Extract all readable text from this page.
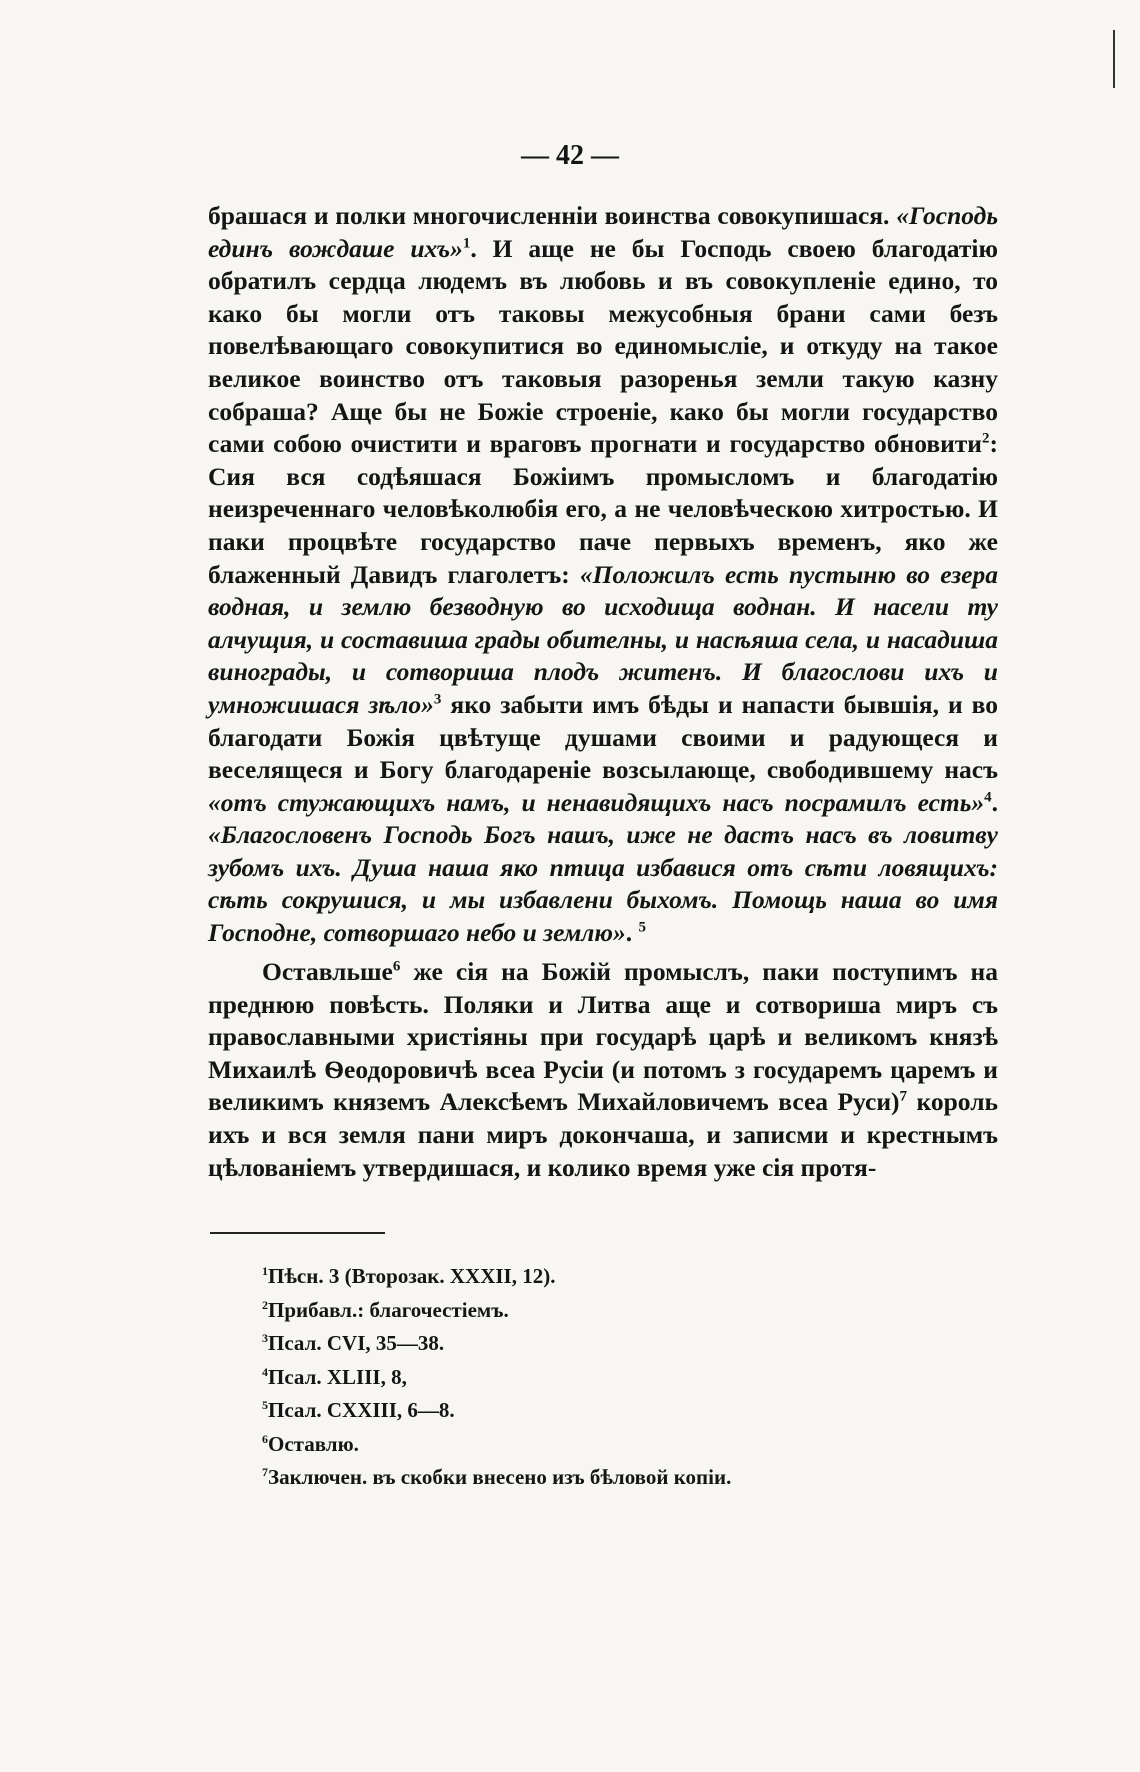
— 42 —

брашася и полки многочисленніи воинства совокупишася. «Господь единъ вождаше ихъ»$^1$. И аще не бы Господь своею благодатію обратилъ сердца людемъ въ любовь и въ совокупленіе едино, то како бы могли отъ таковы межусобныя брани сами безъ повелѣвающаго совокупитися во единомысліе, и откуду на такое великое воинство отъ таковыя разоренья земли такую казну собраша? Аще бы не Божіе строеніе, како бы могли государство сами собою очистити и враговъ прогнати и государство обновити$^2$: Сия вся содѣяшася Божіимъ промысломъ и благодатію неизреченнаго человѣколюбія его, а не человѣческою хитростью. И паки процвѣте государство паче первыхъ временъ, яко же блаженный Давидъ глаголетъ: «Положилъ есть пустыню во езера водная, и землю безводную во исходища воднан. И насели ту алчущия, и составиша грады обителны, и насѣяша села, и насадиша винограды, и сотвориша плодъ житенъ. И благослови ихъ и умножишася зѣло»$^3$ яко забыти имъ бѣды и напасти бывшія, и во благодати Божія цвѣтуще душами своими и радующеся и веселящеся и Богу благодареніе возсылающе, свободившему насъ «отъ стужающихъ намъ, и ненавидящихъ насъ посрамилъ есть»$^4$. «Благословенъ Господь Богъ нашъ, иже не дастъ насъ въ ловитву зубомъ ихъ. Душа наша яко птица избавися отъ сѣти ловящихъ: сѣть сокрушися, и мы избавлени быхомъ. Помощь наша во имя Господне, сотворшаго небо и землю». $^5$

Оставльше$^6$ же сія на Божій промыслъ, паки поступимъ на преднюю повѣсть. Поляки и Литва аще и сотвориша миръ съ православными христіяны при государѣ царѣ и великомъ князѣ Михаилѣ Ѳеодоровичѣ всеа Русіи (и потомъ з государемъ царемъ и великимъ княземъ Алексѣемъ Михайловичемъ всеа Руси)$^7$ король ихъ и вся земля пани миръ докончаша, и записми и крестнымъ цѣлованіемъ утвердишася, и колико время уже сія протя-

$^1$Пѣсн. 3 (Второзак. XXXII, 12).
$^2$Прибавл.: благочестіемъ.
$^3$Псал. CVI, 35—38.
$^4$Псал. XLIII, 8,
$^5$Псал. CXXIII, 6—8.
$^6$Оставлю.
$^7$Заключен. въ скобки внесено изъ бѣловой копіи.
